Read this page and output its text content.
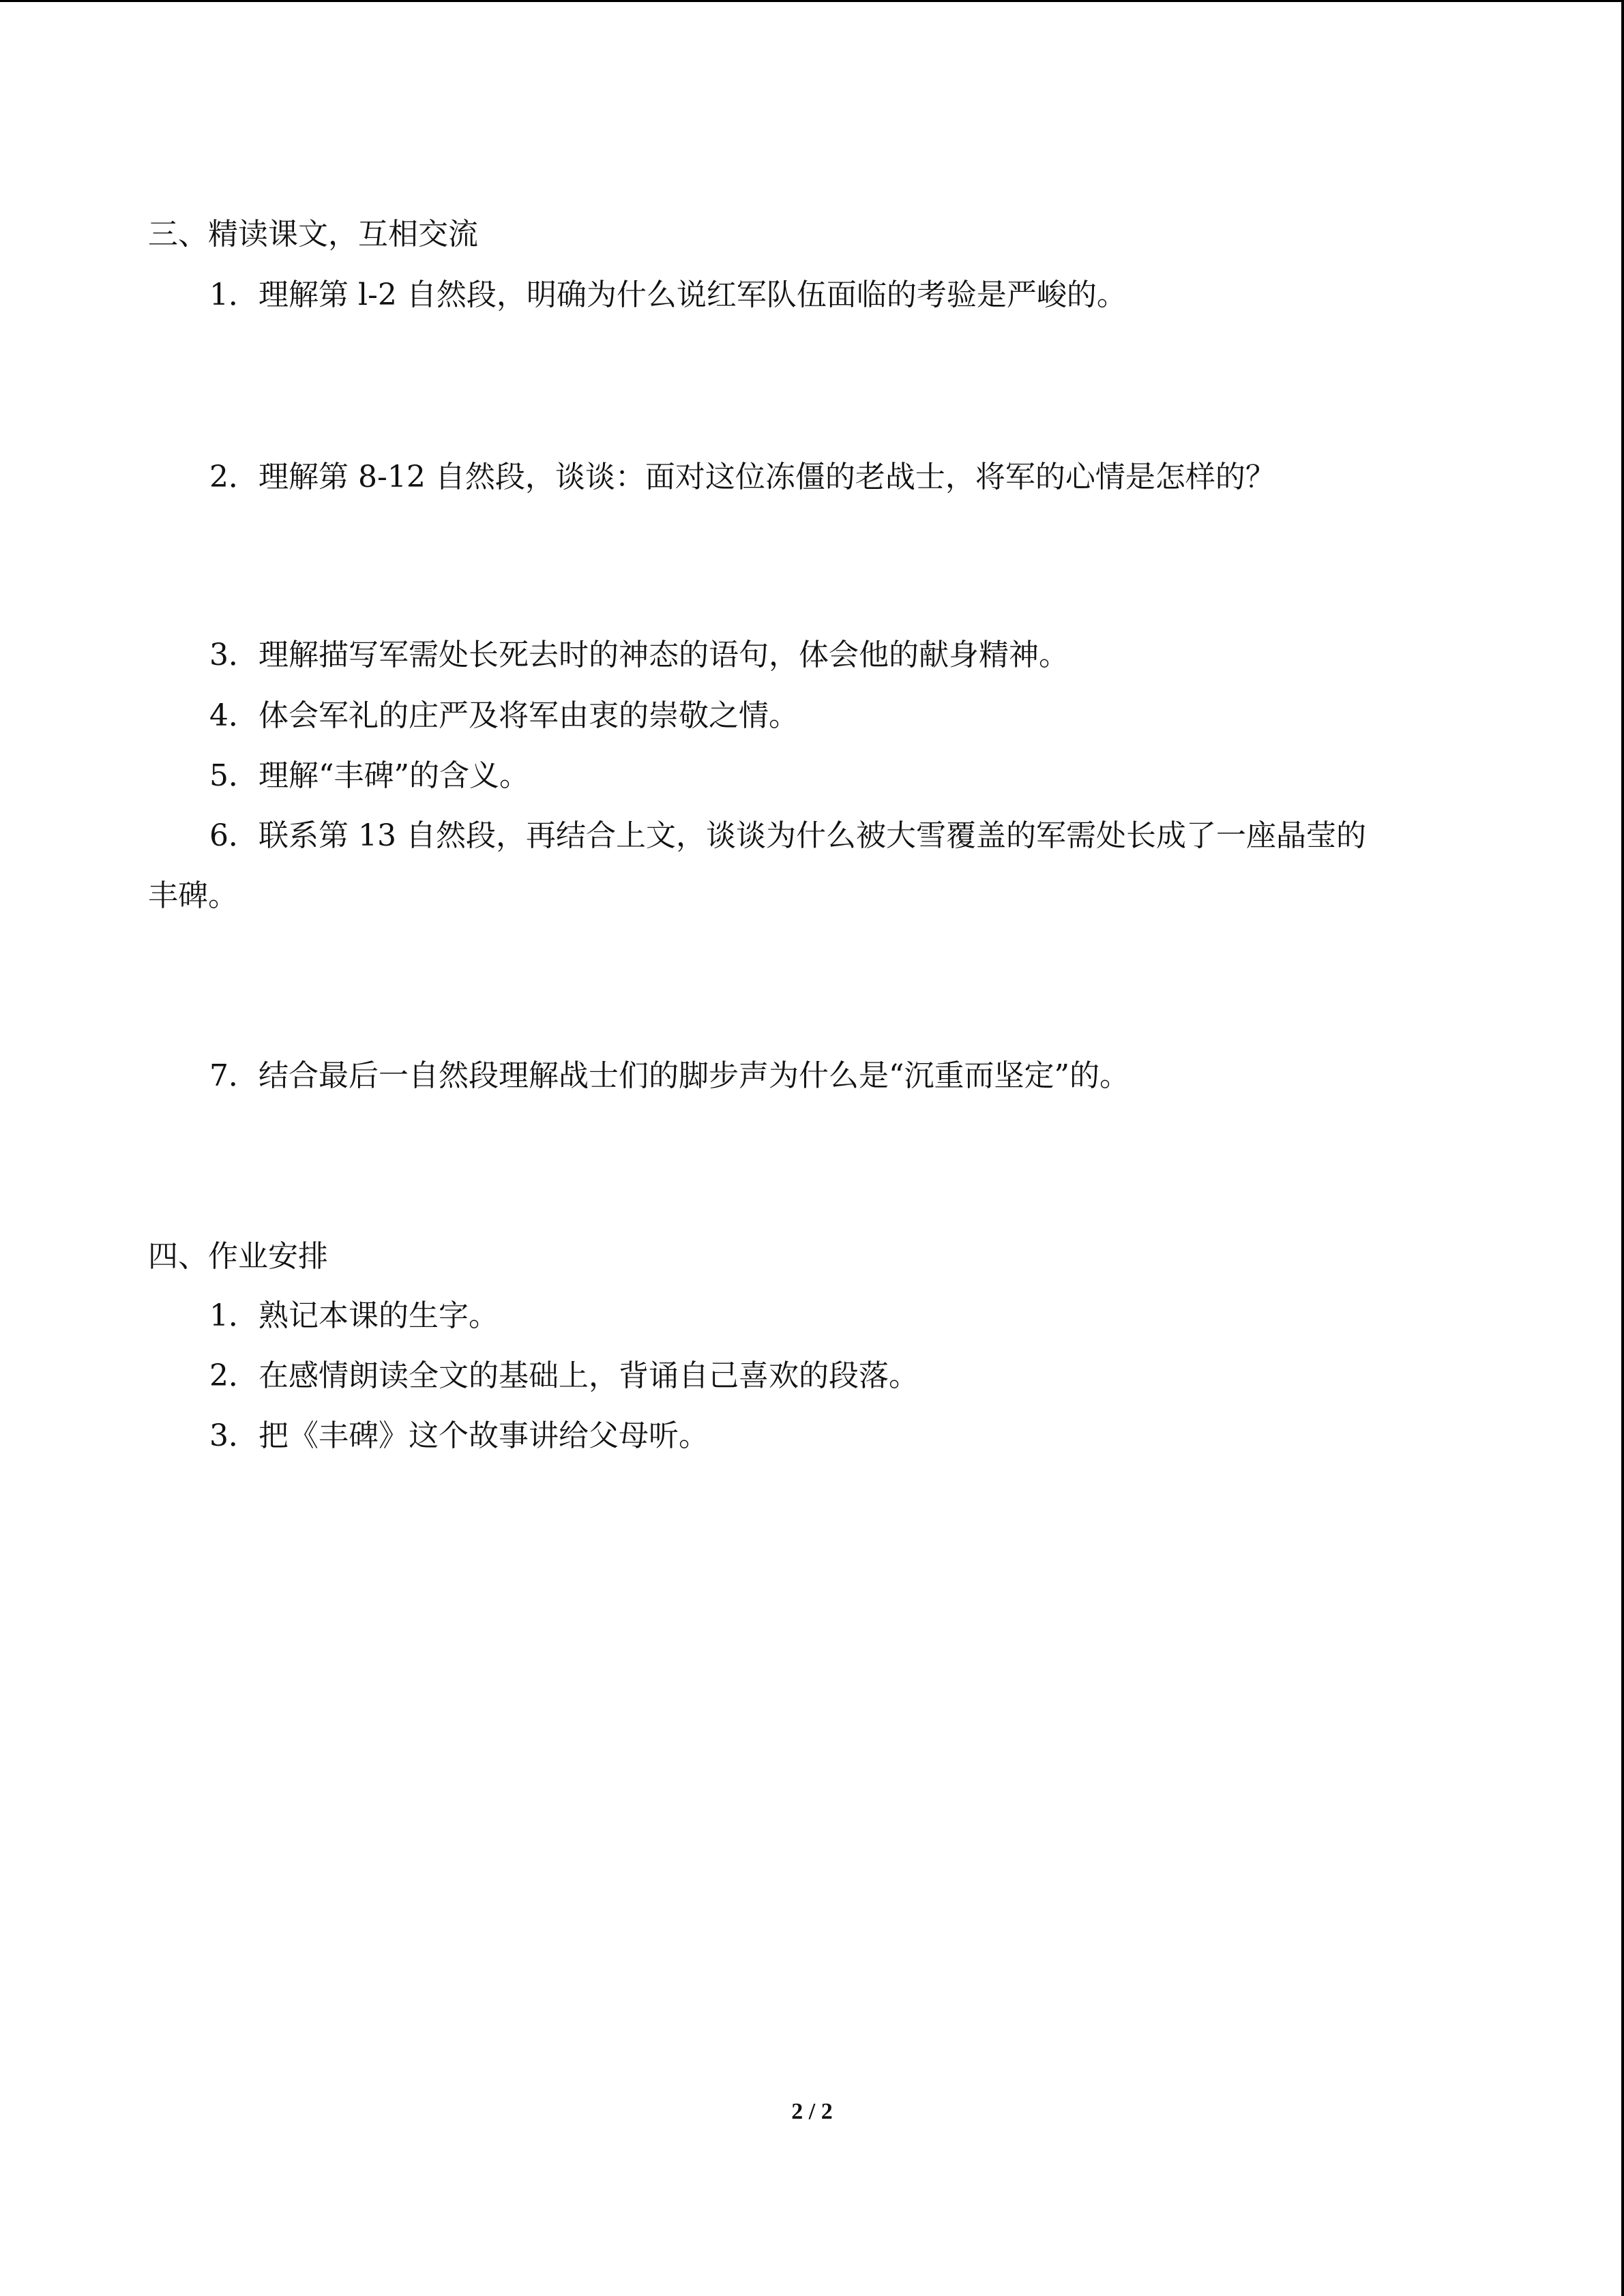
三、精读课文，互相交流
1．理解第 l-2 自然段，明确为什么说红军队伍面临的考验是严峻的。
2．理解第 8-12 自然段，谈谈：面对这位冻僵的老战士，将军的心情是怎样的？
3．理解描写军需处长死去时的神态的语句，体会他的献身精神。
4．体会军礼的庄严及将军由衷的崇敬之情。
5．理解“丰碑”的含义。
6．联系第 13 自然段，再结合上文，谈谈为什么被大雪覆盖的军需处长成了一座晶莹的
丰碑。
7．结合最后一自然段理解战士们的脚步声为什么是“沉重而坚定”的。
四、作业安排
1．熟记本课的生字。
2．在感情朗读全文的基础上，背诵自己喜欢的段落。
3．把《丰碑》这个故事讲给父母听。
2 / 2
